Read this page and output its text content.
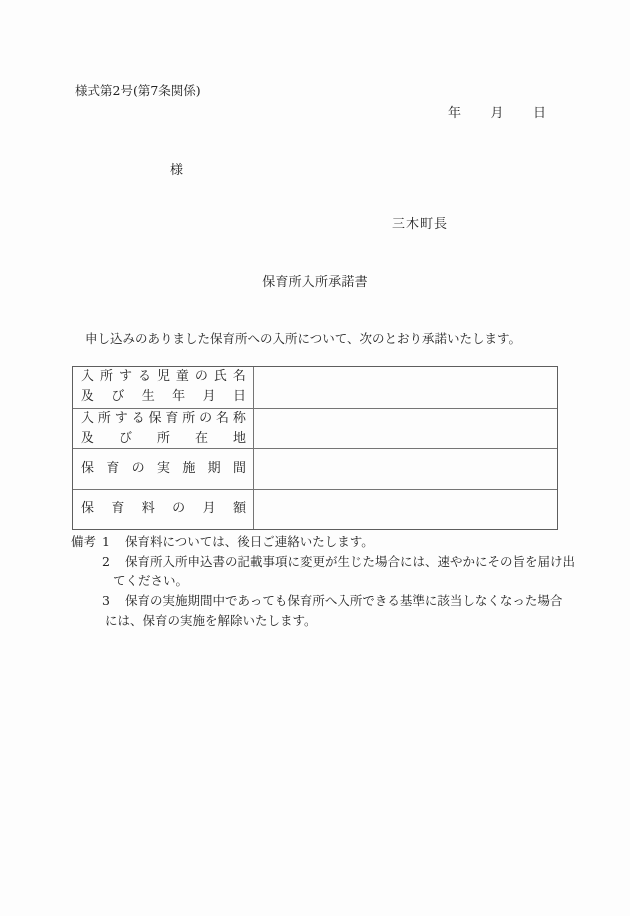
様式第2号(第7条関係)
年 月 日
様
三木町長
保育所入所承諾書
申し込みのありました保育所への入所について、次のとおり承諾いたします。
入 所 す る 児 童 の 氏 名
及 び 生 年 月 日
入 所 す る 保 育 所 の 名 称
及 び 所 在 地
保 育 の 実 施 期 間
保 育 料 の 月 額
備考 1 保育料については、後日ご連絡いたします。
2 保育所入所申込書の記載事項に変更が生じた場合には、速やかにその旨を届け出
てください。
3 保育の実施期間中であっても保育所へ入所できる基準に該当しなくなった場合
には、保育の実施を解除いたします。
